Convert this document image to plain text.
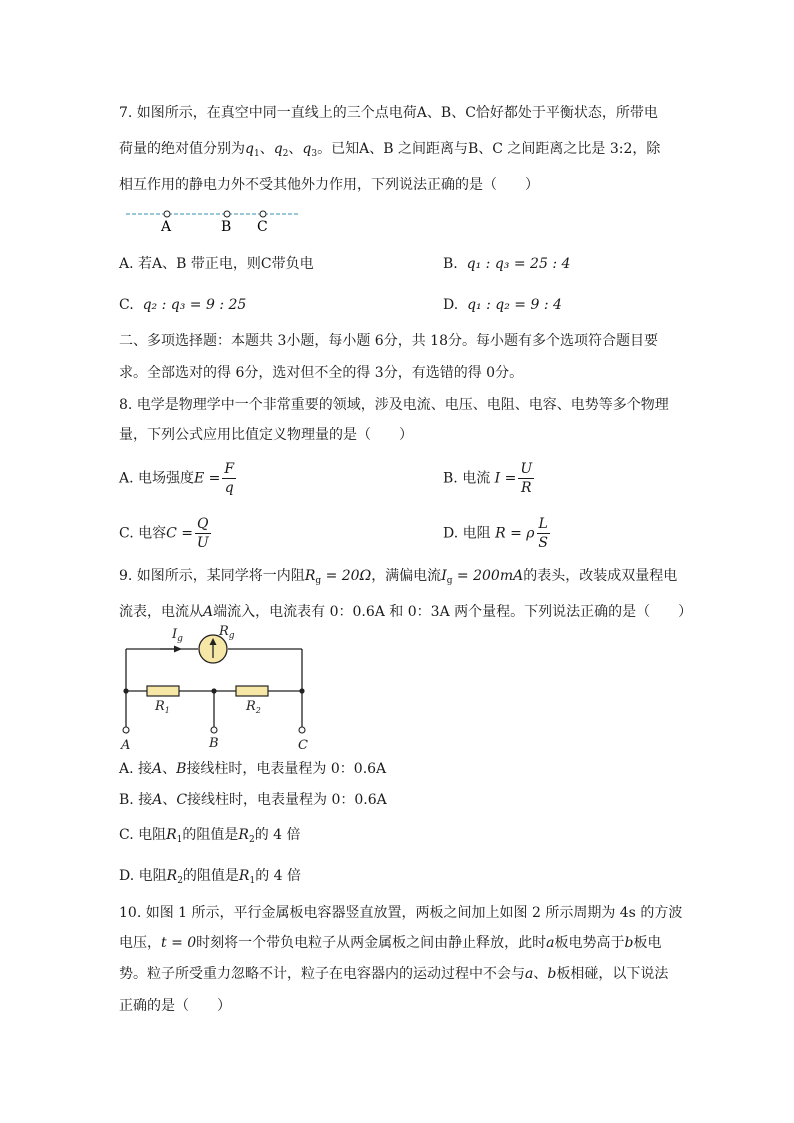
7. 如图所示，在真空中同一直线上的三个点电荷A、B、C恰好都处于平衡状态，所带电
荷量的绝对值分别为$q_1$、$q_2$、$q_3$。已知A、B 之间距离与B、C 之间距离之比是 3:2，除
相互作用的静电力外不受其他外力作用，下列说法正确的是（　　）
A	B C
A. 若A、B 带正电，则C带负电	B. q₁ : q₃ = 25 : 4
C. q₂ : q₃ = 9 : 25	D. q₁ : q₂ = 9 : 4
二、多项选择题：本题共 3小题，每小题 6分，共 18分。每小题有多个选项符合题目要
求。全部选对的得 6分，选对但不全的得 3分，有选错的得 0分。
8. 电学是物理学中一个非常重要的领域，涉及电流、电压、电阻、电容、电势等多个物理
量，下列公式应用比值定义物理量的是（　　）
A. 电场强度$E = \frac{F}{q}$	B. 电流 $I = \frac{U}{R}$
C. 电容$C = \frac{Q}{U}$	D. 电阻 R = ρ $\frac{L}{S}$
9. 如图所示，某同学将一内阻$R_g = 20\Omega$，满偏电流$I_g = 200mA$的表头，改装成双量程电
流表，电流从A端流入，电流表有 0：0.6A 和 0：3A 两个量程。下列说法正确的是（　　）
$I_g$	$R_g$
$R_1$	$R_2$
A	B	C
A. 接A、B接线柱时，电表量程为 0：0.6A
B. 接A、C接线柱时，电表量程为 0：0.6A
C. 电阻$R_1$的阻值是$R_2$的 4 倍
D. 电阻$R_2$的阻值是$R_1$的 4 倍
10. 如图 1 所示，平行金属板电容器竖直放置，两板之间加上如图 2 所示周期为 4s 的方波
电压，t = 0时刻将一个带负电粒子从两金属板之间由静止释放，此时a板电势高于b板电
势。粒子所受重力忽略不计，粒子在电容器内的运动过程中不会与a、b板相碰，以下说法
正确的是（　　）
